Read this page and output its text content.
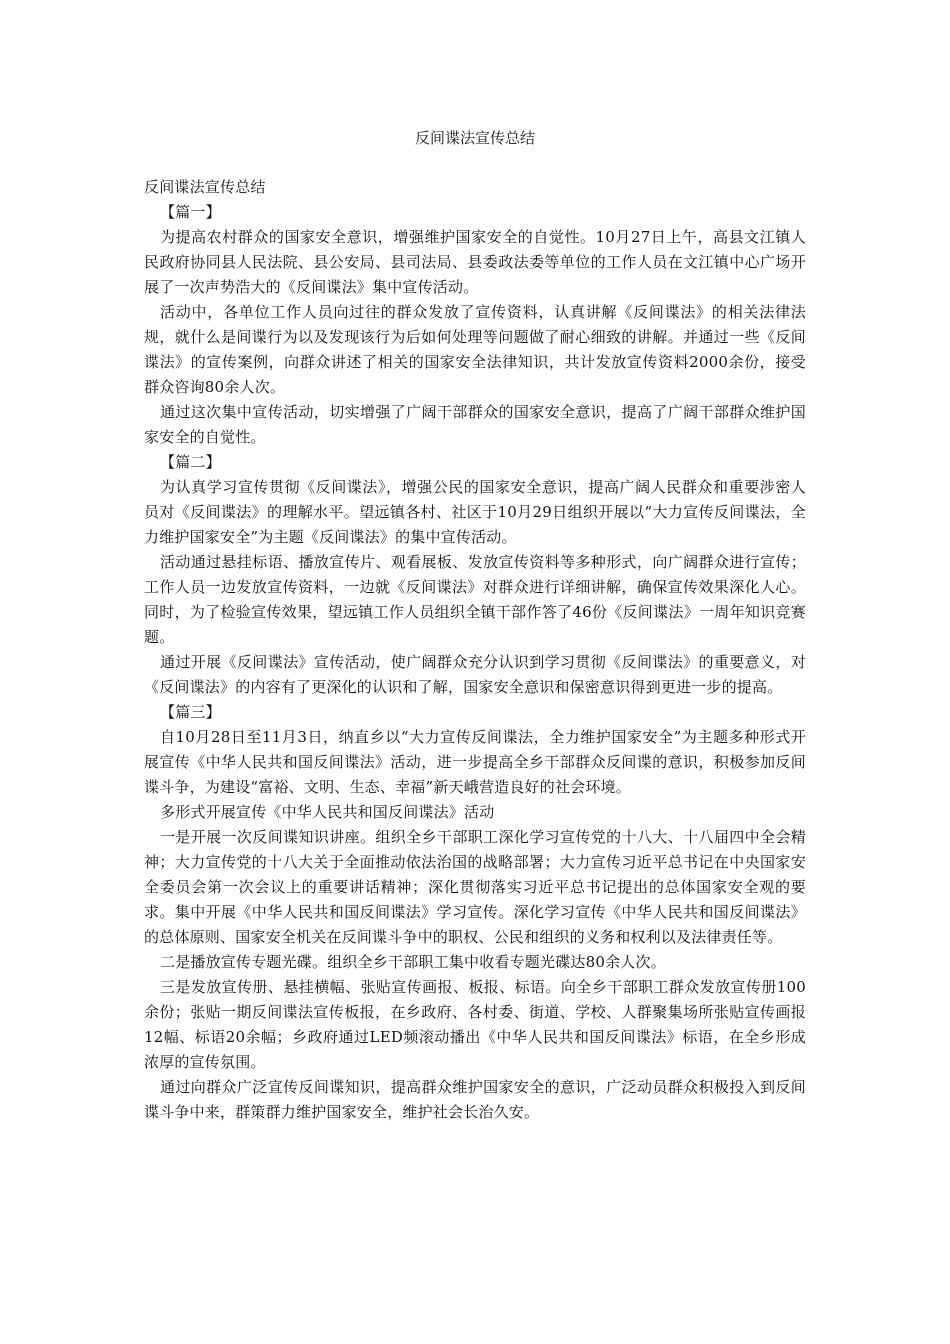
反间谍法宣传总结

反间谍法宣传总结

【篇一】

为提高农村群众的国家安全意识，增强维护国家安全的自觉性。10月27日上午，高县文江镇人民政府协同县人民法院、县公安局、县司法局、县委政法委等单位的工作人员在文江镇中心广场开展了一次声势浩大的《反间谍法》集中宣传活动。

活动中，各单位工作人员向过往的群众发放了宣传资料，认真讲解《反间谍法》的相关法律法规，就什么是间谍行为以及发现该行为后如何处理等问题做了耐心细致的讲解。并通过一些《反间谍法》的宣传案例，向群众讲述了相关的国家安全法律知识，共计发放宣传资料2000余份，接受群众咨询80余人次。

通过这次集中宣传活动，切实增强了广阔干部群众的国家安全意识，提高了广阔干部群众维护国家安全的自觉性。

【篇二】

为认真学习宣传贯彻《反间谍法》，增强公民的国家安全意识，提高广阔人民群众和重要涉密人员对《反间谍法》的理解水平。望远镇各村、社区于10月29日组织开展以“大力宣传反间谍法，全力维护国家安全”为主题《反间谍法》的集中宣传活动。

活动通过悬挂标语、播放宣传片、观看展板、发放宣传资料等多种形式，向广阔群众进行宣传；工作人员一边发放宣传资料，一边就《反间谍法》对群众进行详细讲解，确保宣传效果深化人心。同时，为了检验宣传效果，望远镇工作人员组织全镇干部作答了46份《反间谍法》一周年知识竞赛题。

通过开展《反间谍法》宣传活动，使广阔群众充分认识到学习贯彻《反间谍法》的重要意义，对《反间谍法》的内容有了更深化的认识和了解，国家安全意识和保密意识得到更进一步的提高。

【篇三】

自10月28日至11月3日，纳直乡以“大力宣传反间谍法，全力维护国家安全”为主题多种形式开展宣传《中华人民共和国反间谍法》活动，进一步提高全乡干部群众反间谍的意识，积极参加反间谍斗争，为建设“富裕、文明、生态、幸福”新天峨营造良好的社会环境。

多形式开展宣传《中华人民共和国反间谍法》活动

一是开展一次反间谍知识讲座。组织全乡干部职工深化学习宣传党的十八大、十八届四中全会精神；大力宣传党的十八大关于全面推动依法治国的战略部署；大力宣传习近平总书记在中央国家安全委员会第一次会议上的重要讲话精神；深化贯彻落实习近平总书记提出的总体国家安全观的要求。集中开展《中华人民共和国反间谍法》学习宣传。深化学习宣传《中华人民共和国反间谍法》的总体原则、国家安全机关在反间谍斗争中的职权、公民和组织的义务和权利以及法律责任等。

二是播放宣传专题光碟。组织全乡干部职工集中收看专题光碟达80余人次。

三是发放宣传册、悬挂横幅、张贴宣传画报、板报、标语。向全乡干部职工群众发放宣传册100余份；张贴一期反间谍法宣传板报，在乡政府、各村委、街道、学校、人群聚集场所张贴宣传画报12幅、标语20余幅；乡政府通过LED频滚动播出《中华人民共和国反间谍法》标语，在全乡形成浓厚的宣传氛围。

通过向群众广泛宣传反间谍知识，提高群众维护国家安全的意识，广泛动员群众积极投入到反间谍斗争中来，群策群力维护国家安全，维护社会长治久安。
